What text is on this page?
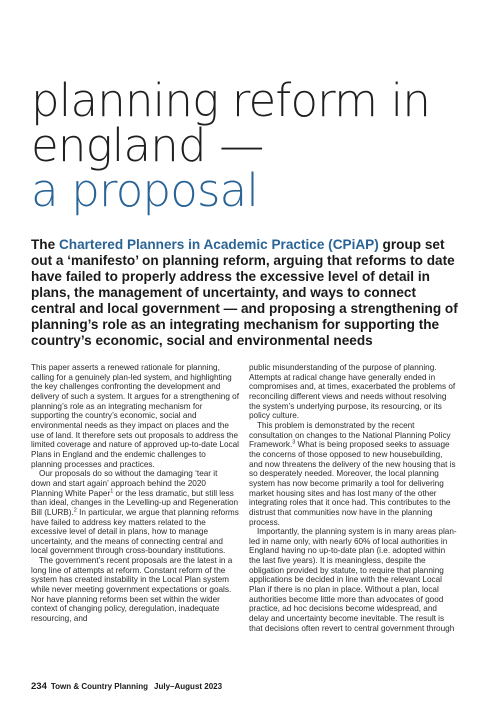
planning reform in
england —
a proposal
The Chartered Planners in Academic Practice (CPiAP) group set out a ‘manifesto’ on planning reform, arguing that reforms to date have failed to properly address the excessive level of detail in plans, the management of uncertainty, and ways to connect central and local government — and proposing a strengthening of planning’s role as an integrating mechanism for supporting the country’s economic, social and environmental needs

This paper asserts a renewed rationale for planning, calling for a genuinely plan-led system, and highlighting the key challenges confronting the development and delivery of such a system. It argues for a strengthening of planning’s role as an integrating mechanism for supporting the country’s economic, social and environmental needs as they impact on places and the use of land. It therefore sets out proposals to address the limited coverage and nature of approved up-to-date Local Plans in England and the endemic challenges to planning processes and practices.

Our proposals do so without the damaging ‘tear it down and start again’ approach behind the 2020 Planning White Paper$^1$ or the less dramatic, but still less than ideal, changes in the Levelling-up and Regeneration Bill (LURB).$^2$ In particular, we argue that planning reforms have failed to address key matters related to the excessive level of detail in plans, how to manage uncertainty, and the means of connecting central and local government through cross-boundary institutions.

The government’s recent proposals are the latest in a long line of attempts at reform. Constant reform of the system has created instability in the Local Plan system while never meeting government expectations or goals. Nor have planning reforms been set within the wider context of changing policy, deregulation, inadequate resourcing, and

public misunderstanding of the purpose of planning. Attempts at radical change have generally ended in compromises and, at times, exacerbated the problems of reconciling different views and needs without resolving the system’s underlying purpose, its resourcing, or its policy culture.

This problem is demonstrated by the recent consultation on changes to the National Planning Policy Framework.$^3$ What is being proposed seeks to assuage the concerns of those opposed to new housebuilding, and now threatens the delivery of the new housing that is so desperately needed. Moreover, the local planning system has now become primarily a tool for delivering market housing sites and has lost many of the other integrating roles that it once had. This contributes to the distrust that communities now have in the planning process.

Importantly, the planning system is in many areas plan-led in name only, with nearly 60% of local authorities in England having no up-to-date plan (i.e. adopted within the last five years). It is meaningless, despite the obligation provided by statute, to require that planning applications be decided in line with the relevant Local Plan if there is no plan in place. Without a plan, local authorities become little more than advocates of good practice, ad hoc decisions become widespread, and delay and uncertainty become inevitable. The result is that decisions often revert to central government through

234 Town & Country Planning July–August 2023
